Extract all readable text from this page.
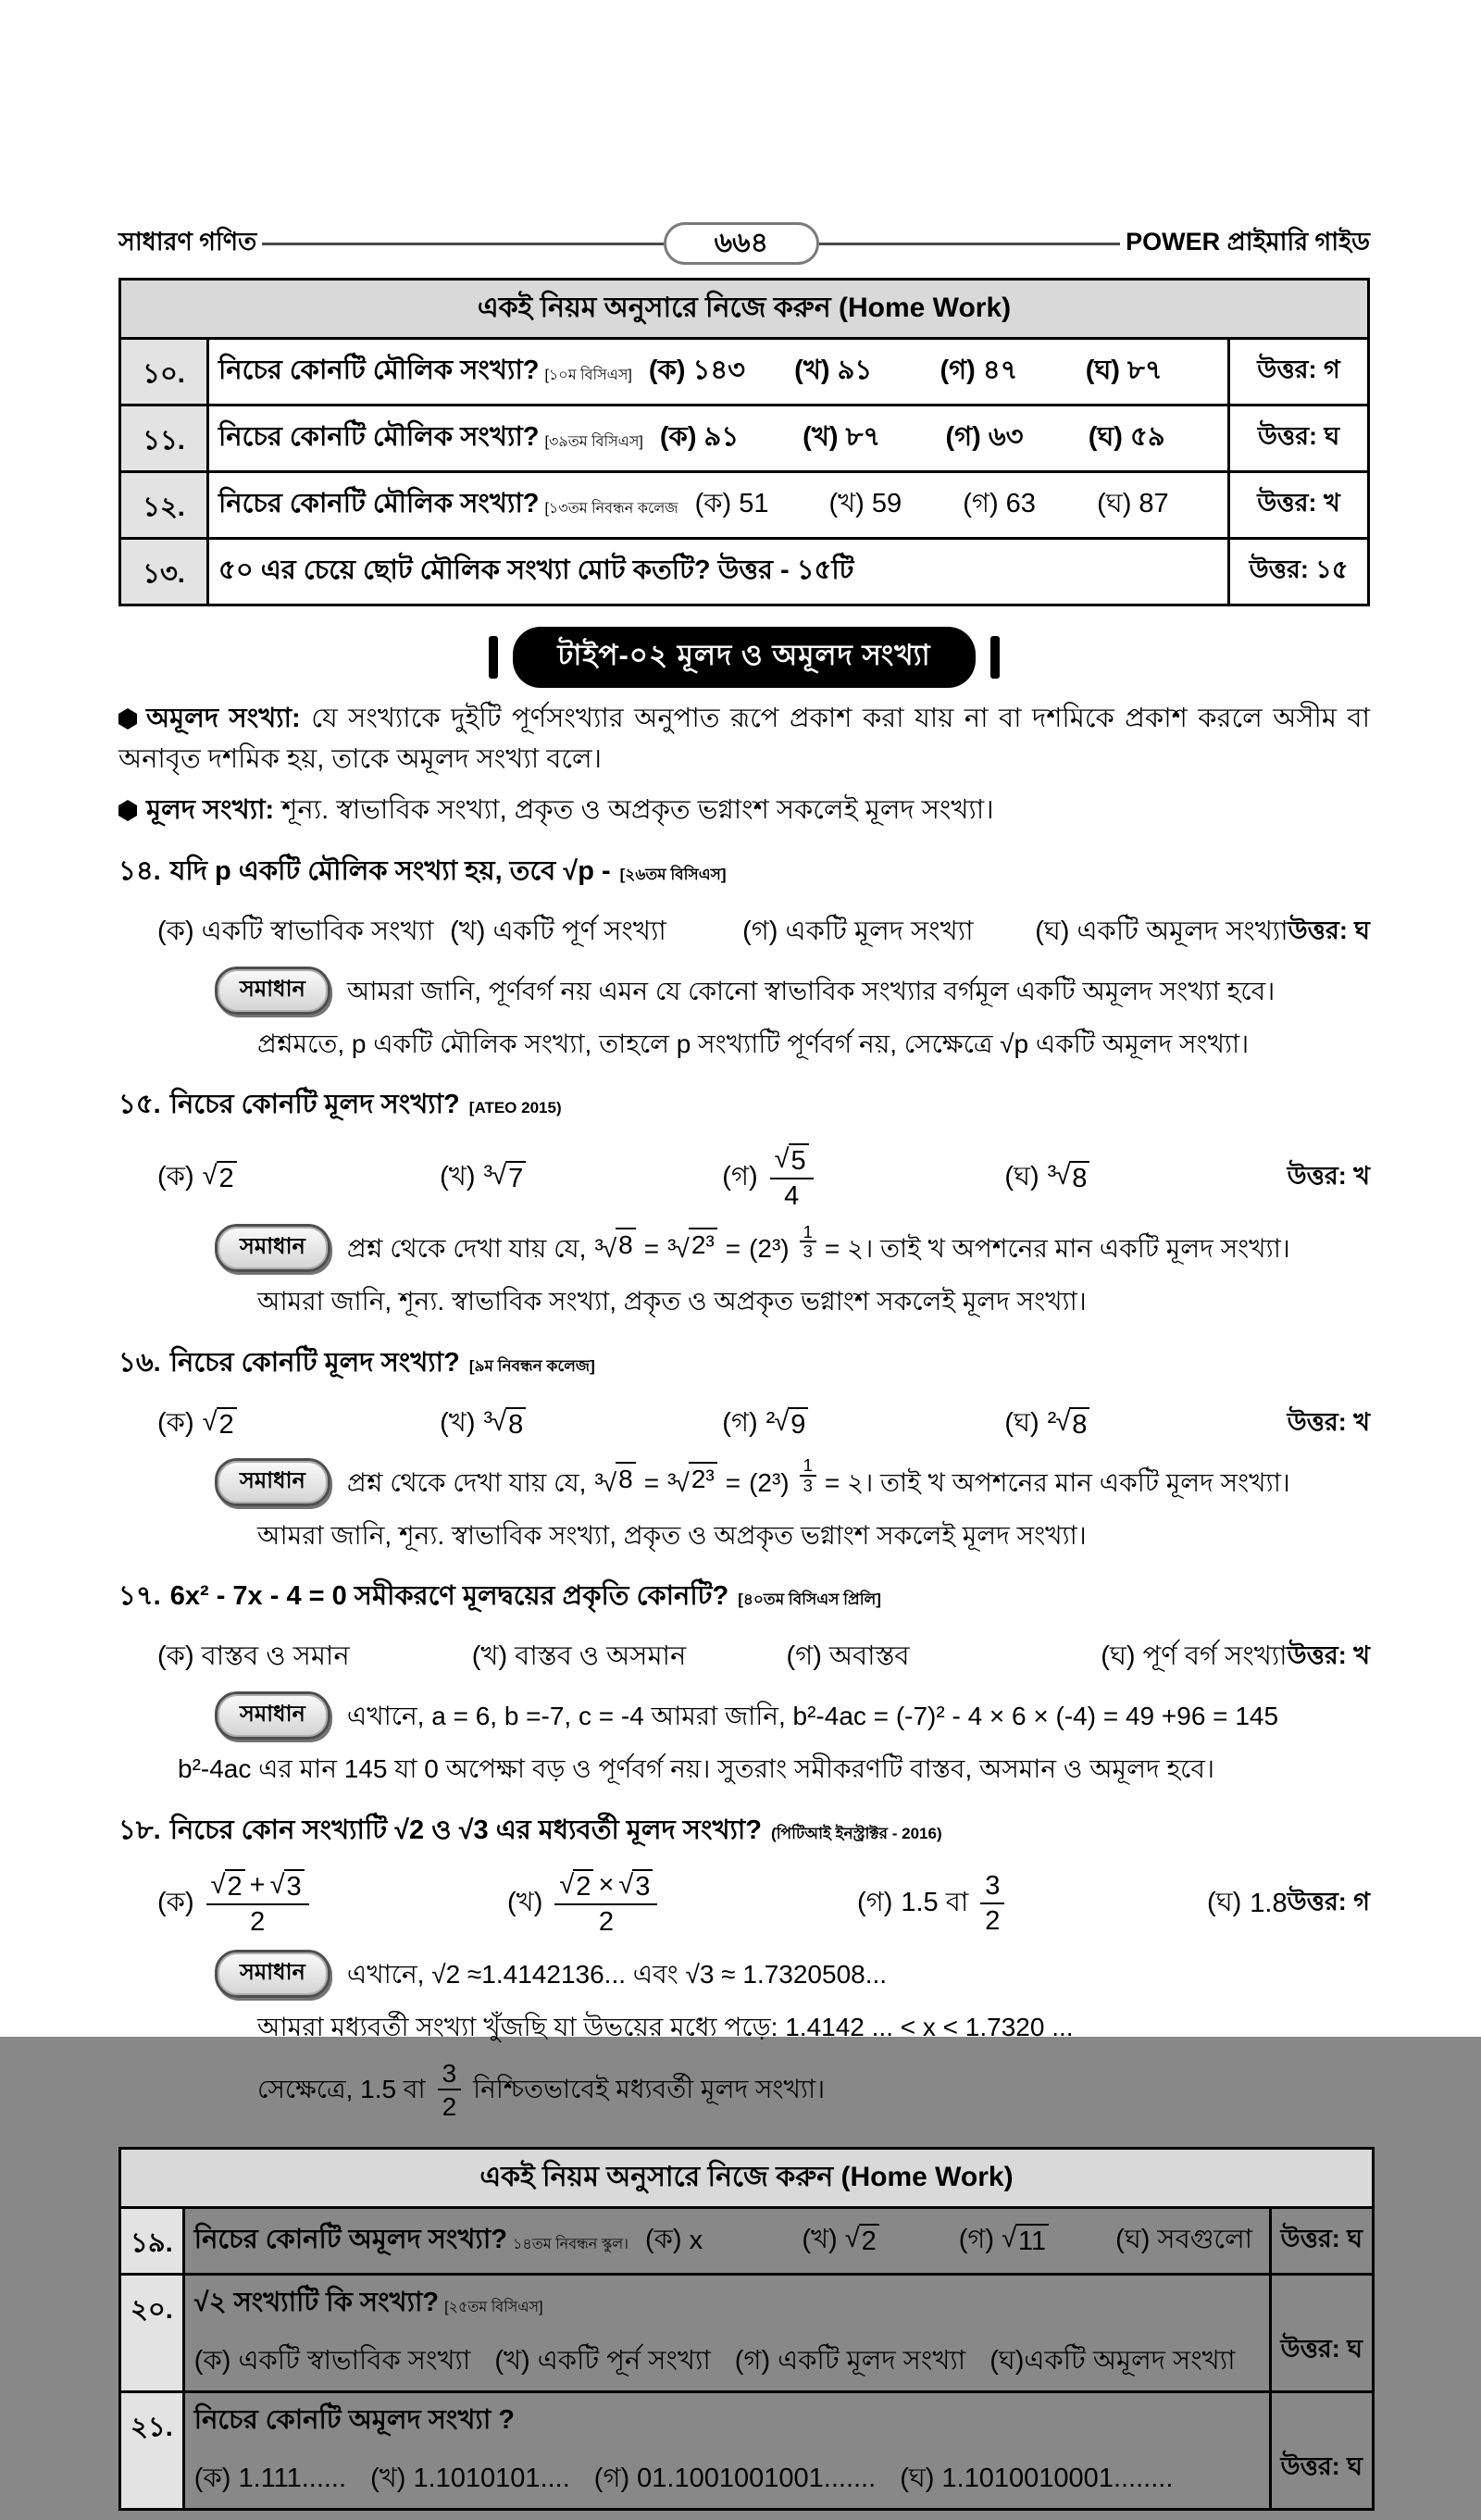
সাধারণ গণিত	৬৬৪	POWER প্রাইমারি গাইড
একই নিয়ম অনুসারে নিজে করুন (Home Work)		
১০.	নিচের কোনটি মৌলিক সংখ্যা? [১০ম বিসিএস] (ক) ১৪৩	(খ) ৯১	(গ) ৪৭	(ঘ) ৮৭	উত্তর: গ
১১.	নিচের কোনটি মৌলিক সংখ্যা? [৩৯তম বিসিএস] (ক) ৯১	(খ) ৮৭	(গ) ৬৩	(ঘ) ৫৯	উত্তর: ঘ
১২.	নিচের কোনটি মৌলিক সংখ্যা? [১৩তম নিবন্ধন কলেজ (ক) 51	(খ) 59	(গ) 63	(ঘ) 87	উত্তর: খ
১৩.	৫০ এর চেয়ে ছোট মৌলিক সংখ্যা মোট কতটি? উত্তর - ১৫টি	উত্তর: ১৫
টাইপ-০২ মূলদ ও অমূলদ সংখ্যা
অমূলদ সংখ্যা: যে সংখ্যাকে দুইটি পূর্ণসংখ্যার অনুপাত রূপে প্রকাশ করা যায় না বা দশমিকে প্রকাশ করলে অসীম বা অনাবৃত দশমিক হয়, তাকে অমূলদ সংখ্যা বলে।
মূলদ সংখ্যা: শূন্য. স্বাভাবিক সংখ্যা, প্রকৃত ও অপ্রকৃত ভগ্নাংশ সকলেই মূলদ সংখ্যা।
১৪. যদি p একটি মৌলিক সংখ্যা হয়, তবে √p - [২৬তম বিসিএস]
(ক) একটি স্বাভাবিক সংখ্যা (খ) একটি পূর্ণ সংখ্যা	(গ) একটি মূলদ সংখ্যা	(ঘ) একটি অমূলদ সংখ্যা উত্তর: ঘ
সমাধান	আমরা জানি, পূর্ণবর্গ নয় এমন যে কোনো স্বাভাবিক সংখ্যার বর্গমূল একটি অমূলদ সংখ্যা হবে।
প্রশ্নমতে, p একটি মৌলিক সংখ্যা, তাহলে p সংখ্যাটি পূর্ণবর্গ নয়, সেক্ষেত্রে √p একটি অমূলদ সংখ্যা।
১৫. নিচের কোনটি মূলদ সংখ্যা? [ATEO 2015)
(ক) √ 2	(খ) ³√ 7	(গ) $\frac{√ 5}{4}$	(ঘ) ³√ 8	উত্তর: খ
সমাধান	প্রশ্ন থেকে দেখা যায় যে, ³√ 8 = ³√ $2^3 = (2^3) \frac{1}{3}$ = ২। তাই খ অপশনের মান একটি মূলদ সংখ্যা।
আমরা জানি, শূন্য. স্বাভাবিক সংখ্যা, প্রকৃত ও অপ্রকৃত ভগ্নাংশ সকলেই মূলদ সংখ্যা।
১৬. নিচের কোনটি মূলদ সংখ্যা? [৯ম নিবন্ধন কলেজ]
(ক) √ 2	(খ) ³√ 8	(গ) ²√ 9	(ঘ) ²√ 8	উত্তর: খ
সমাধান	প্রশ্ন থেকে দেখা যায় যে, ³√ 8 = ³√ $2^3 = (2^3) \frac{1}{3}$ = ২। তাই খ অপশনের মান একটি মূলদ সংখ্যা।
আমরা জানি, শূন্য. স্বাভাবিক সংখ্যা, প্রকৃত ও অপ্রকৃত ভগ্নাংশ সকলেই মূলদ সংখ্যা।
১৭. 6x² - 7x - 4 = 0 সমীকরণে মূলদ্বয়ের প্রকৃতি কোনটি? [৪০তম বিসিএস প্রিলি]
(ক) বাস্তব ও সমান	(খ) বাস্তব ও অসমান	(গ) অবাস্তব	(ঘ) পূর্ণ বর্গ সংখ্যা উত্তর: খ
সমাধান	এখানে, a = 6, b =-7, c = -4 আমরা জানি, b²-4ac = (-7)² - 4 × 6 × (-4) = 49 +96 = 145
b²-4ac এর মান 145 যা 0 অপেক্ষা বড় ও পূর্ণবর্গ নয়। সুতরাং সমীকরণটি বাস্তব, অসমান ও অমূলদ হবে।
১৮. নিচের কোন সংখ্যাটি √2 ও √3 এর মধ্যবর্তী মূলদ সংখ্যা? (পিটিআই ইনস্ট্রাক্টর - 2016)
(ক) $\frac{√ 2 + √ 3}{2}$	(খ) $\frac{√ 2 \times √ 3}{2}$	(গ) 1.5 বা $\frac{3}{2}$	(ঘ) 1.8 উত্তর: গ
সমাধান	এখানে, √2 ≈1.4142136... এবং √3 ≈ 1.7320508...
আমরা মধ্যবর্তী সংখ্যা খুঁজছি যা উভয়ের মধ্যে পড়ে: 1.4142 ... < x < 1.7320 ...
সেক্ষেত্রে, 1.5 বা $\frac{3}{2}$ নিশ্চিতভাবেই মধ্যবর্তী মূলদ সংখ্যা।
একই নিয়ম অনুসারে নিজে করুন (Home Work)		
১৯.	নিচের কোনটি অমূলদ সংখ্যা? ১৪তম নিবন্ধন স্কুল। (ক) x	(খ) √ 2	(গ) √ 11	(ঘ) সবগুলো	উত্তর: ঘ
২০.	√২ সংখ্যাটি কি সংখ্যা? [২৫তম বিসিএস]
(ক) একটি স্বাভাবিক সংখ্যা (খ) একটি পূর্ন সংখ্যা (গ) একটি মূলদ সংখ্যা (ঘ)একটি অমূলদ সংখ্যা	উত্তর: ঘ
২১.	নিচের কোনটি অমূলদ সংখ্যা ?
(ক) 1.111...... (খ) 1.1010101.... (গ) 01.1001001001....... (ঘ) 1.1010010001........	উত্তর: ঘ
